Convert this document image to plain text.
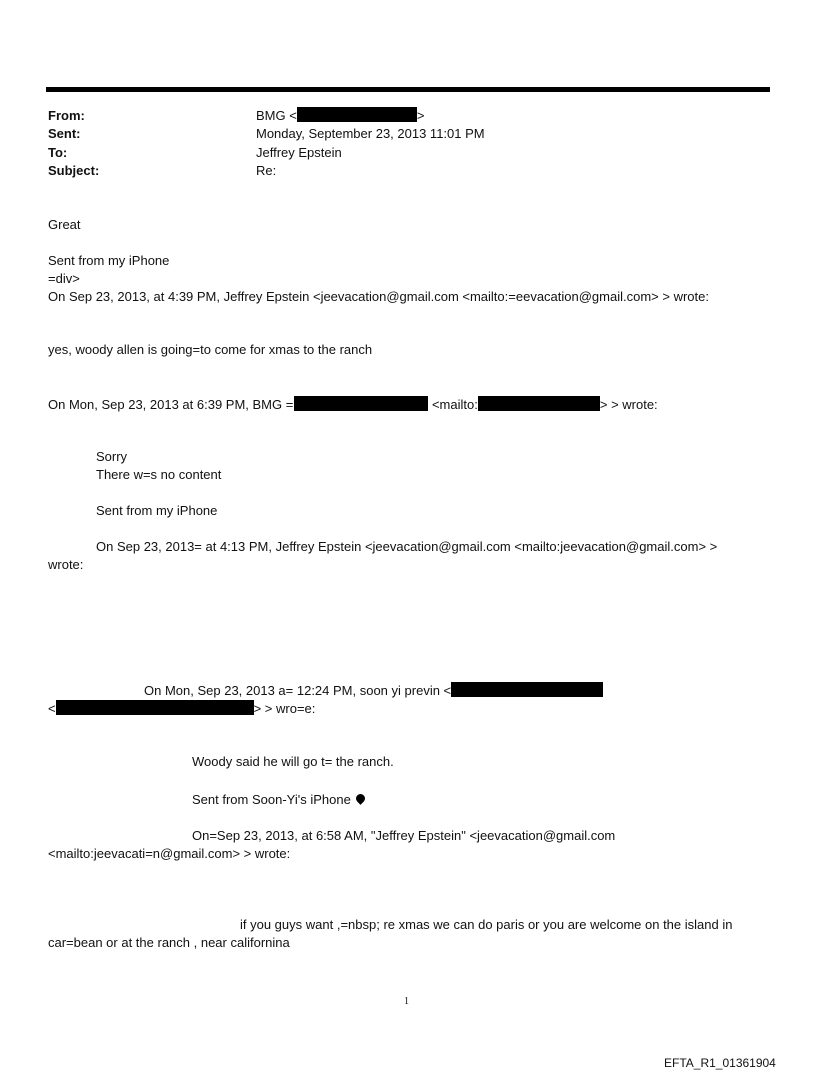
From:	BMG <	>
Sent:	Monday, September 23, 2013 11:01 PM
To:	Jeffrey Epstein
Subject:	Re:
Great
Sent from my iPhone
=div>
On Sep 23, 2013, at 4:39 PM, Jeffrey Epstein <jeevacation@gmail.com <mailto:=eevacation@gmail.com> > wrote:
yes, woody allen is going=to come for xmas to the ranch
On Mon, Sep 23, 2013 at 6:39 PM, BMG =	<mailto:	> > wrote:
Sorry
There w=s no content
Sent from my iPhone
On Sep 23, 2013= at 4:13 PM, Jeffrey Epstein <jeevacation@gmail.com <mailto:jeevacation@gmail.com> >
wrote:
On Mon, Sep 23, 2013 a= 12:24 PM, soon yi previn <
<	> > wro=e:
Woody said he will go t= the ranch.
Sent from Soon-Yi's iPhone
On=Sep 23, 2013, at 6:58 AM, "Jeffrey Epstein" <jeevacation@gmail.com
<mailto:jeevacati=n@gmail.com> > wrote:
if you guys want ,=nbsp; re xmas we can do paris or you are welcome on the island in
car=bean or at the ranch , near californina
1
EFTA_R1_01361904
